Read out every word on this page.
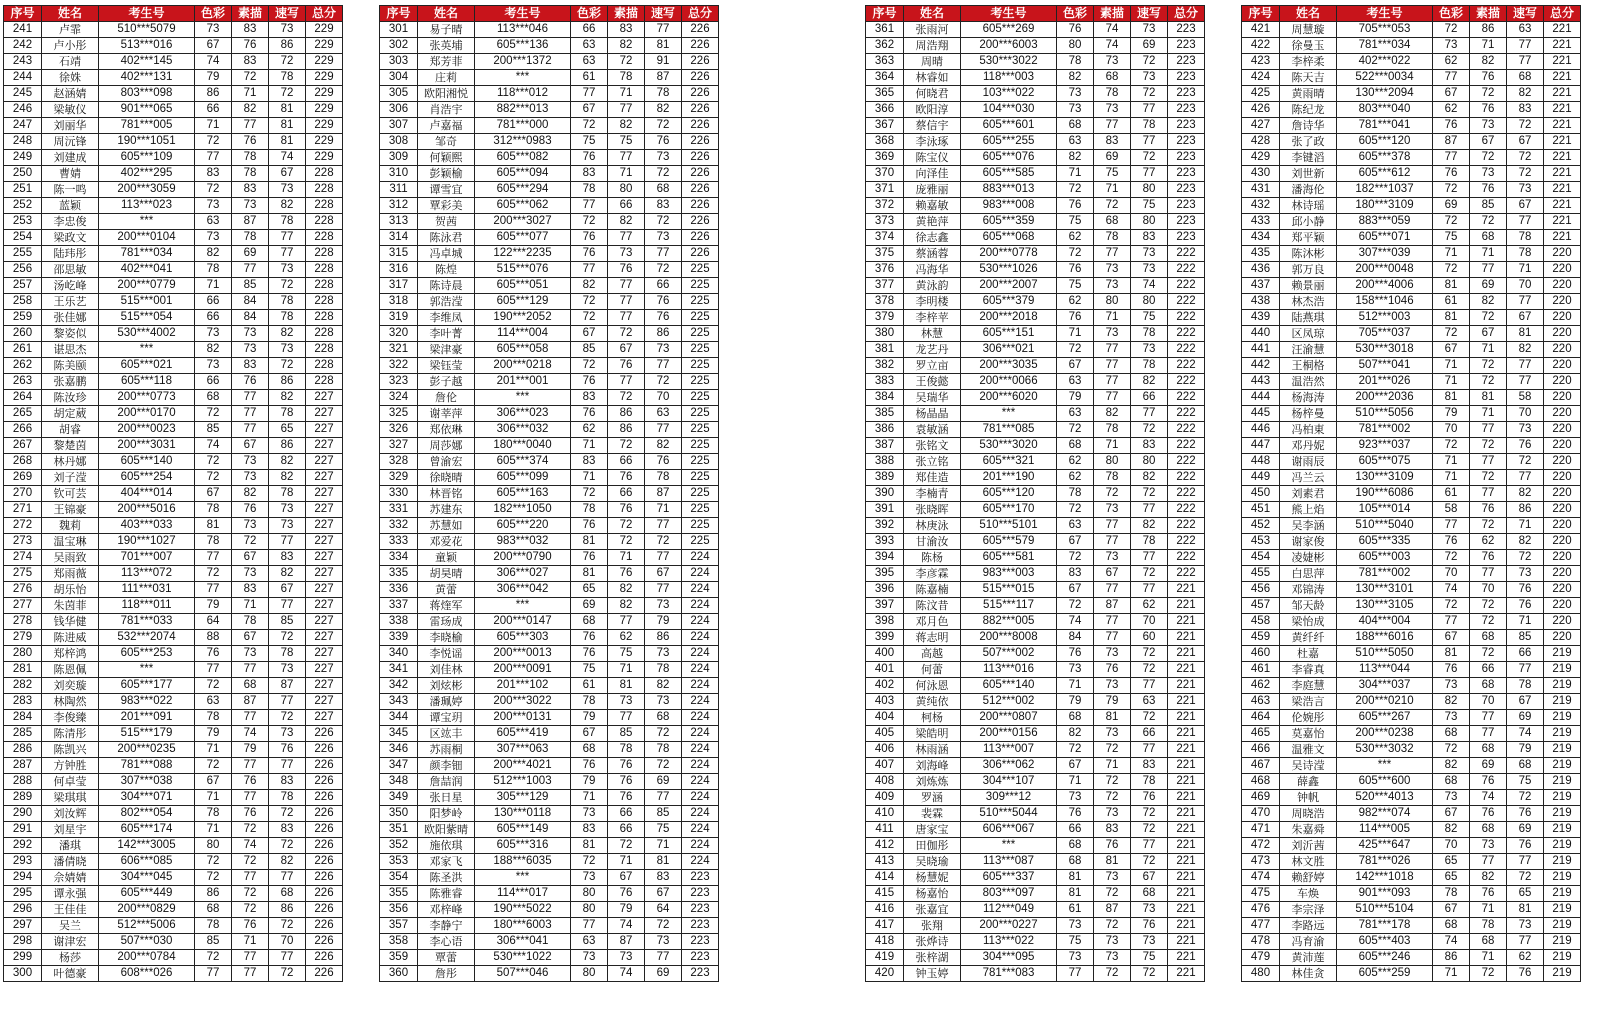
序号	姓名	考生号	色彩	素描	速写	总分
241	卢霏	510***5079	73	83	73	229
242	卢小彤	513***016	67	76	86	229
243	石靖	402***145	74	83	72	229
244	徐姝	402***131	79	72	78	229
245	赵涵婧	803***098	86	71	72	229
246	梁敏仪	901***065	66	82	81	229
247	刘丽华	781***005	71	77	81	229
248	周沅锋	190***1051	72	76	81	229
249	刘建成	605***109	77	78	74	229
250	曹婧	402***295	83	78	67	228
251	陈一鸣	200***3059	72	83	73	228
252	蓝颖	113***023	73	73	82	228
253	李忠俊	***	63	87	78	228
254	梁政文	200***0104	73	78	77	228
255	陆玮彤	781***034	82	69	77	228
256	邵思敏	402***041	78	77	73	228
257	汤屹峰	200***0779	71	85	72	228
258	王乐艺	515***001	66	84	78	228
259	张佳娜	515***054	66	84	78	228
260	黎姿似	530***4002	73	73	82	228
261	谌思杰	***	82	73	73	228
262	陈美颐	605***021	73	83	72	228
263	张嘉鹏	605***118	66	76	86	228
264	陈汝珍	200***0773	68	77	82	227
265	胡定葳	200***0170	72	77	78	227
266	胡睿	200***0023	85	77	65	227
267	黎楚茵	200***3031	74	67	86	227
268	林丹娜	605***140	72	73	82	227
269	刘子滢	605***254	72	73	82	227
270	钦可芸	404***014	67	82	78	227
271	王锦豪	200***5016	78	76	73	227
272	魏莉	403***033	81	73	73	227
273	温宝琳	190***1027	78	72	77	227
274	吴雨致	701***007	77	67	83	227
275	郑雨薇	113***072	72	73	82	227
276	胡乐怡	111***031	77	83	67	227
277	朱茵菲	118***011	79	71	77	227
278	钱华健	781***033	64	78	85	227
279	陈进威	532***2074	88	67	72	227
280	郑梓鸿	605***253	76	73	78	227
281	陈恩佩	***	77	77	73	227
282	刘奕璇	605***177	72	68	87	227
283	林陶然	983***022	63	87	77	227
284	李俊臻	201***091	78	77	72	227
285	陈清彤	515***179	79	74	73	226
286	陈凯兴	200***0235	71	79	76	226
287	方钟胜	781***088	72	77	77	226
288	何卓莹	307***038	67	76	83	226
289	梁琪琪	304***071	71	77	78	226
290	刘汝辉	802***054	78	76	72	226
291	刘星宇	605***174	71	72	83	226
292	潘琪	142***3005	80	74	72	226
293	潘倩晓	606***085	72	72	82	226
294	佘婧婧	304***045	72	77	77	226
295	谭永强	605***449	86	72	68	226
296	王佳佳	200***0829	68	72	86	226
297	吴兰	512***5006	78	76	72	226
298	谢津宏	507***030	85	71	70	226
299	杨莎	200***0784	72	77	77	226
300	叶德豪	608***026	77	77	72	226
序号	姓名	考生号	色彩	素描	速写	总分
301	易子晴	113***046	66	83	77	226
302	张英埔	605***136	63	82	81	226
303	郑芳菲	200***1372	63	72	91	226
304	庄莉	***	61	78	87	226
305	欧阳湘悦	118***012	77	71	78	226
306	肖浩宇	882***013	67	77	82	226
307	卢嘉福	781***000	72	82	72	226
308	邹奇	312***0983	75	75	76	226
309	何颖熙	605***082	76	77	73	226
310	彭颖榆	605***094	83	71	72	226
311	谭雪宜	605***294	78	80	68	226
312	覃彩美	605***062	77	66	83	226
313	贺茜	200***3027	72	82	72	226
314	陈泳君	605***077	76	77	73	226
315	冯卓城	122***2235	76	73	77	226
316	陈煌	515***076	77	76	72	225
317	陈诗晨	605***051	82	77	66	225
318	郭浩滢	605***129	72	77	76	225
319	李维凤	190***2052	72	77	76	225
320	李叶菁	114***004	67	72	86	225
321	梁津豪	605***058	85	67	73	225
322	梁钰莹	200***0218	72	76	77	225
323	彭子越	201***001	76	77	72	225
324	詹伦	***	83	72	70	225
325	谢莘萍	306***023	76	86	63	225
326	郑依琳	306***032	62	86	77	225
327	周莎娜	180***0040	71	72	82	225
328	曾渝宏	605***374	83	66	76	225
329	徐晓晴	605***099	71	76	78	225
330	林晋铭	605***163	72	66	87	225
331	苏建东	182***1050	78	76	71	225
332	苏慧如	605***220	76	72	77	225
333	邓爱花	983***032	81	72	72	225
334	童颖	200***0790	76	71	77	224
335	胡昊晴	306***027	81	76	67	224
336	黄蕾	306***042	65	82	77	224
337	蒋煃军	***	69	82	73	224
338	雷玚成	200***0147	68	77	79	224
339	李晓榆	605***303	76	62	86	224
340	李悦谣	200***0013	76	75	73	224
341	刘佳林	200***0091	75	71	78	224
342	刘炫彬	201***102	61	81	82	224
343	潘珮婷	200***3022	78	73	73	224
344	谭宝玥	200***0131	79	77	68	224
345	区竑丰	605***419	67	85	72	224
346	苏雨桐	307***063	68	78	78	224
347	颜李钿	200***4021	76	76	72	224
348	詹喆润	512***1003	79	76	69	224
349	张日星	305***129	71	76	77	224
350	阳梦岭	130***0118	73	66	85	224
351	欧阳紫晴	605***149	83	66	75	224
352	施依琪	605***316	81	72	71	224
353	邓家飞	188***6035	72	71	81	224
354	陈圣洪	***	73	67	83	223
355	陈雅睿	114***017	80	76	67	223
356	邓梓峰	190***5022	80	79	64	223
357	李静宁	180***6003	77	74	72	223
358	李心语	306***041	63	87	73	223
359	覃蕾	530***1022	73	73	77	223
360	詹彤	507***046	80	74	69	223
序号	姓名	考生号	色彩	素描	速写	总分
361	张雨河	605***269	76	74	73	223
362	周浩翔	200***6003	80	74	69	223
363	周晴	530***3022	78	73	72	223
364	林睿如	118***003	82	68	73	223
365	何晓君	103***022	73	78	72	223
366	欧阳淳	104***030	73	73	77	223
367	蔡信宇	605***601	68	77	78	223
368	李泳琢	605***255	63	83	77	223
369	陈宝仪	605***076	82	69	72	223
370	向泽佳	605***585	71	75	77	223
371	庞雅丽	883***013	72	71	80	223
372	赖嘉敏	983***008	76	72	75	223
373	黄艳萍	605***359	75	68	80	223
374	徐志鑫	605***068	62	78	83	223
375	蔡涵蓉	200***0778	72	77	73	222
376	冯海华	530***1026	76	73	73	222
377	黄泳韵	200***2007	75	73	74	222
378	李明楼	605***379	62	80	80	222
379	李梓苹	200***2018	76	71	75	222
380	林慧	605***151	71	73	78	222
381	龙艺丹	306***021	72	77	73	222
382	罗立亩	200***3035	67	77	78	222
383	王俊懿	200***0066	63	77	82	222
384	吴瑞华	200***6020	79	77	66	222
385	杨晶晶	***	63	82	77	222
386	袁敏涵	781***085	72	78	72	222
387	张铭文	530***3020	68	71	83	222
388	张立铭	605***321	62	80	80	222
389	郑佳造	201***190	62	78	82	222
390	李楠青	605***120	78	72	72	222
391	张晓晖	605***170	72	73	77	222
392	林庚泳	510***5101	63	77	82	222
393	甘渝汝	605***579	67	77	78	222
394	陈杨	605***581	72	73	77	222
395	李彦霖	983***003	83	67	72	222
396	陈嘉楠	515***015	67	77	77	221
397	陈汶昔	515***117	72	87	62	221
398	邓月色	882***005	74	77	70	221
399	蒋志明	200***8008	84	77	60	221
400	高越	507***002	76	73	72	221
401	何蕾	113***016	73	76	72	221
402	何泳恩	605***140	71	73	77	221
403	黄纯依	512***002	79	79	63	221
404	柯杨	200***0807	68	81	72	221
405	梁皓明	200***0156	82	73	66	221
406	林雨涵	113***007	72	72	77	221
407	刘海峰	306***062	67	71	83	221
408	刘炼炼	304***107	71	72	78	221
409	罗涵	309***12	73	72	76	221
410	裴霖	510***5044	76	73	72	221
411	唐家宝	606***067	66	83	72	221
412	田伽彤	***	68	76	77	221
413	吴晓瑜	113***087	68	81	72	221
414	杨慧妮	605***337	81	73	67	221
415	杨嘉怡	803***097	81	72	68	221
416	张嘉宜	112***049	61	87	73	221
417	张翔	200***0227	73	72	76	221
418	张烨诗	113***022	75	73	73	221
419	张梓湖	304***095	73	73	75	221
420	钟玉婷	781***083	77	72	72	221
序号	姓名	考生号	色彩	素描	速写	总分
421	周慧璇	705***053	72	86	63	221
422	徐曼玉	781***034	73	71	77	221
423	李梓柔	402***022	62	82	77	221
424	陈天吉	522***0034	77	76	68	221
425	黄雨晴	130***2094	67	72	82	221
426	陈纪龙	803***040	62	76	83	221
427	詹诗华	781***041	76	73	72	221
428	张了政	605***120	87	67	67	221
429	李键滔	605***378	77	72	72	221
430	刘世新	605***612	76	73	72	221
431	潘海伦	182***1037	72	76	73	221
432	林诗瑶	180***3109	69	85	67	221
433	邱小静	883***059	72	72	77	221
434	郑平颖	605***071	75	68	78	221
435	陈沐彬	307***039	71	71	78	220
436	郭万良	200***0048	72	77	71	220
437	赖景丽	200***4006	81	69	70	220
438	林杰浩	158***1046	61	82	77	220
439	陆燕琪	512***003	81	72	67	220
440	区凤琼	705***037	72	67	81	220
441	汪渝慧	530***3018	67	71	82	220
442	王桐格	507***041	71	72	77	220
443	温浩然	201***026	71	72	77	220
444	杨海涛	200***2036	81	81	58	220
445	杨梓曼	510***5056	79	71	70	220
446	冯柏東	781***002	70	77	73	220
447	邓丹妮	923***037	72	72	76	220
448	谢雨辰	605***075	71	77	72	220
449	冯兰云	130***3109	71	72	77	220
450	刘素君	190***6086	61	77	82	220
451	熊上焰	105***014	58	76	86	220
452	吴李涵	510***5040	77	72	71	220
453	谢家俊	605***335	76	62	82	220
454	凌婕彬	605***003	72	76	72	220
455	白思萍	781***002	70	77	73	220
456	邓锦涛	130***3101	74	70	76	220
457	邹天龄	130***3105	72	72	76	220
458	梁怡成	404***004	77	72	71	220
459	黄纤纤	188***6016	67	68	85	220
460	杜嘉	510***5050	81	72	66	219
461	李睿真	113***044	76	66	77	219
462	李庭慧	304***037	73	68	78	219
463	梁浩言	200***0210	82	70	67	219
464	伦婉彤	605***267	73	77	69	219
465	莫嘉怡	200***0238	68	77	74	219
466	温雅文	530***3032	72	68	79	219
467	吴诗滢	***	82	69	68	219
468	薛鑫	605***600	68	76	75	219
469	钟帆	520***4013	73	74	72	219
470	周晓浩	982***074	67	76	76	219
471	朱嘉舜	114***005	82	68	69	219
472	刘沂茜	425***647	70	73	76	219
473	林文胜	781***026	65	77	77	219
474	赖舒婷	142***1018	65	82	72	219
475	车焕	901***093	78	76	65	219
476	李宗泽	510***5104	67	71	81	219
477	李路远	781***178	68	78	73	219
478	冯育渝	605***403	74	68	77	219
479	黄沛莲	605***246	86	71	62	219
480	林佳贪	605***259	71	72	76	219
